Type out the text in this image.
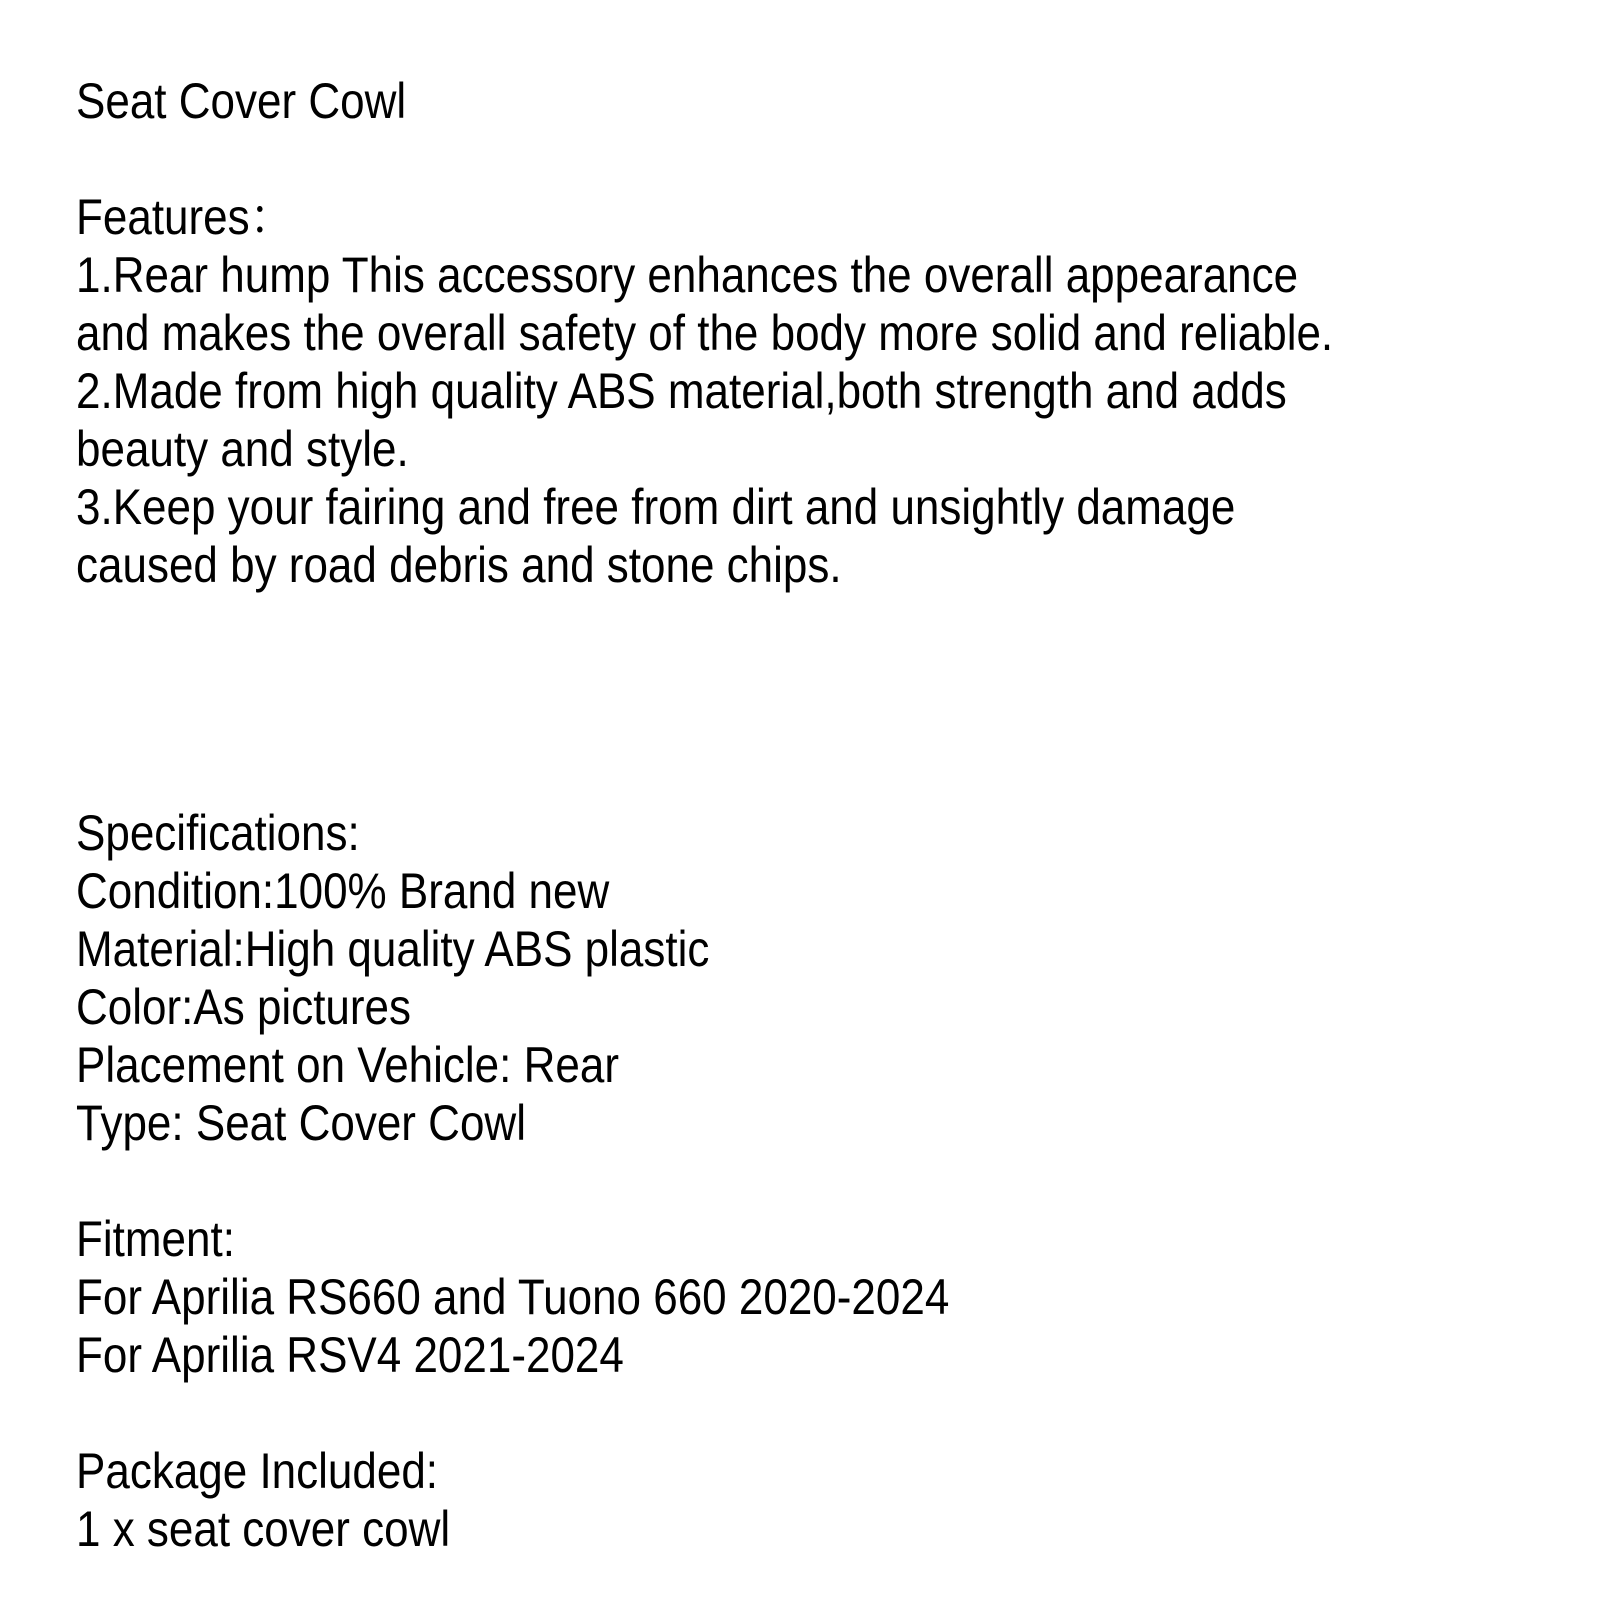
Seat Cover Cowl
Features：
1.Rear hump This accessory enhances the overall appearance
and makes the overall safety of the body more solid and reliable.
2.Made from high quality ABS material,both strength and adds
beauty and style.
3.Keep your fairing and free from dirt and unsightly damage
caused by road debris and stone chips.
Specifications:
Condition:100% Brand new
Material:High quality ABS plastic
Color:As pictures
Placement on Vehicle: Rear
Type: Seat Cover Cowl
Fitment:
For Aprilia RS660 and Tuono 660 2020-2024
For Aprilia RSV4 2021-2024
Package Included:
1 x seat cover cowl
